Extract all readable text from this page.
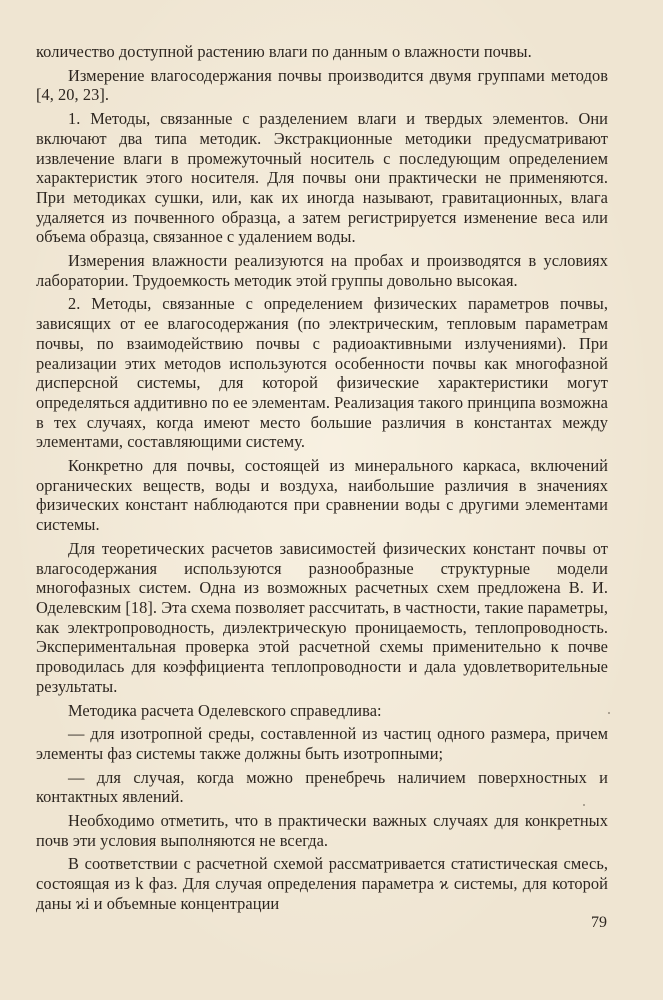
количество доступной растению влаги по данным о влажности почвы.

Измерение влагосодержания почвы производится двумя группами методов [4, 20, 23].

1. Методы, связанные с разделением влаги и твердых элементов. Они включают два типа методик. Экстракционные методики предусматривают извлечение влаги в промежуточный носитель с последующим определением характеристик этого носителя. Для почвы они практически не применяются. При методиках сушки, или, как их иногда называют, гравитационных, влага удаляется из почвенного образца, а затем регистрируется изменение веса или объема образца, связанное с удалением воды.

Измерения влажности реализуются на пробах и производятся в условиях лаборатории. Трудоемкость методик этой группы довольно высокая.

2. Методы, связанные с определением физических параметров почвы, зависящих от ее влагосодержания (по электрическим, тепловым параметрам почвы, по взаимодействию почвы с радиоактивными излучениями). При реализации этих методов используются особенности почвы как многофазной дисперсной системы, для которой физические характеристики могут определяться аддитивно по ее элементам. Реализация такого принципа возможна в тех случаях, когда имеют место большие различия в константах между элементами, составляющими систему.

Конкретно для почвы, состоящей из минерального каркаса, включений органических веществ, воды и воздуха, наибольшие различия в значениях физических констант наблюдаются при сравнении воды с другими элементами системы.

Для теоретических расчетов зависимостей физических констант почвы от влагосодержания используются разнообразные структурные модели многофазных систем. Одна из возможных расчетных схем предложена В. И. Оделевским [18]. Эта схема позволяет рассчитать, в частности, такие параметры, как электропроводность, диэлектрическую проницаемость, теплопроводность. Экспериментальная проверка этой расчетной схемы применительно к почве проводилась для коэффициента теплопроводности и дала удовлетворительные результаты.

Методика расчета Оделевского справедлива:

— для изотропной среды, составленной из частиц одного размера, причем элементы фаз системы также должны быть изотропными;

— для случая, когда можно пренебречь наличием поверхностных и контактных явлений.

Необходимо отметить, что в практически важных случаях для конкретных почв эти условия выполняются не всегда.

В соответствии с расчетной схемой рассматривается статистическая смесь, состоящая из k фаз. Для случая определения параметра ϰ системы, для которой даны ϰi и объемные концентрации

79
